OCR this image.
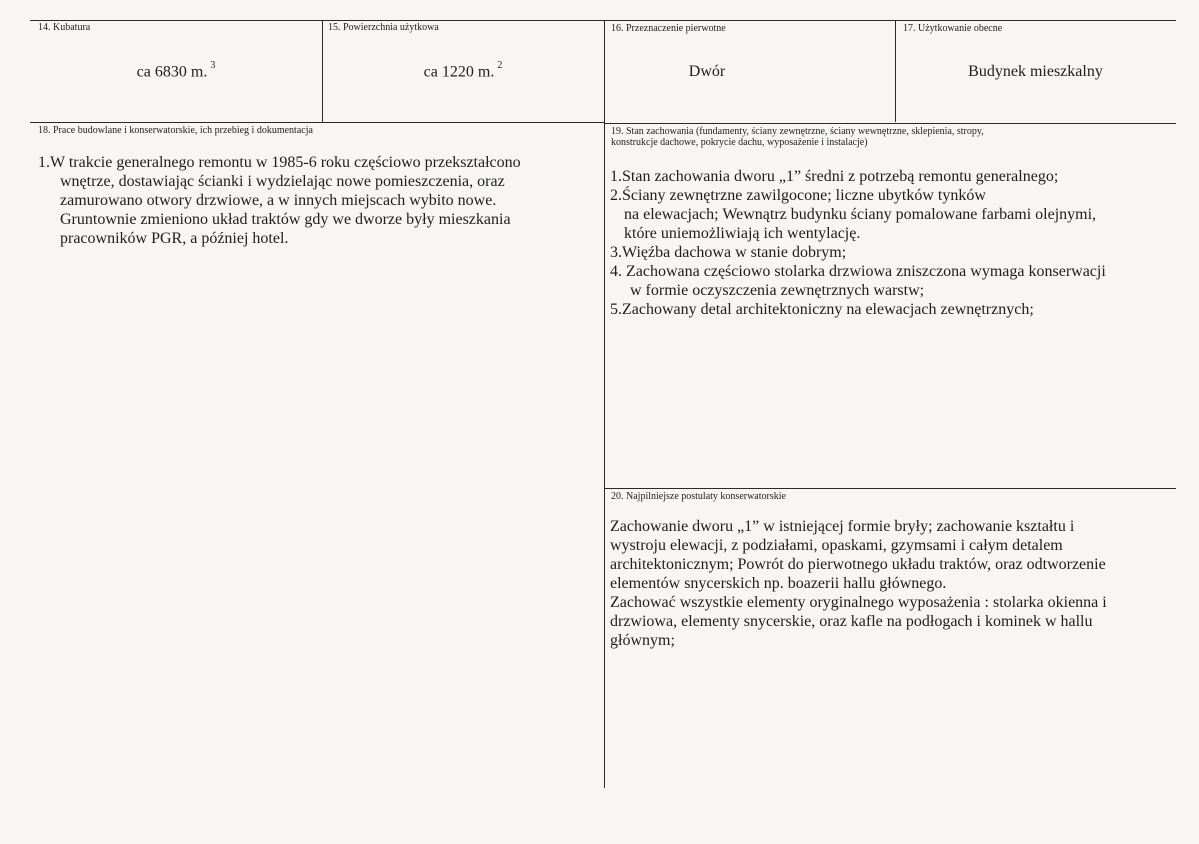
14. Kubatura
ca 6830 m. $^3$
15. Powierzchnia użytkowa
ca 1220 m. $^2$
16. Przeznaczenie pierwotne
Dwór
17. Użytkowanie obecne
Budynek mieszkalny
18. Prace budowlane i konserwatorskie, ich przebieg i dokumentacja
1.W trakcie generalnego remontu w 1985-6 roku częściowo przekształcono
wnętrze, dostawiając ścianki i wydzielając nowe pomieszczenia, oraz
zamurowano otwory drzwiowe, a w innych miejscach wybito nowe.
Gruntownie zmieniono układ traktów gdy we dworze były mieszkania
pracowników PGR, a później hotel.
19. Stan zachowania (fundamenty, ściany zewnętrzne, ściany wewnętrzne, sklepienia, stropy,
konstrukcje dachowe, pokrycie dachu, wyposażenie i instalacje)
1.Stan zachowania dworu „1” średni z potrzebą remontu generalnego;
2.Ściany zewnętrzne zawilgocone; liczne ubytków tynków
na elewacjach; Wewnątrz budynku ściany pomalowane farbami olejnymi,
które uniemożliwiają ich wentylację.
3.Więźba dachowa w stanie dobrym;
4. Zachowana częściowo stolarka drzwiowa zniszczona wymaga konserwacji
w formie oczyszczenia zewnętrznych warstw;
5.Zachowany detal architektoniczny na elewacjach zewnętrznych;
20. Najpilniejsze postulaty konserwatorskie
Zachowanie dworu „1” w istniejącej formie bryły; zachowanie kształtu i
wystroju elewacji, z podziałami, opaskami, gzymsami i całym detalem
architektonicznym; Powrót do pierwotnego układu traktów, oraz odtworzenie
elementów snycerskich np. boazerii hallu głównego.
Zachować wszystkie elementy oryginalnego wyposażenia : stolarka okienna i
drzwiowa, elementy snycerskie, oraz kafle na podłogach i kominek w hallu
głównym;
